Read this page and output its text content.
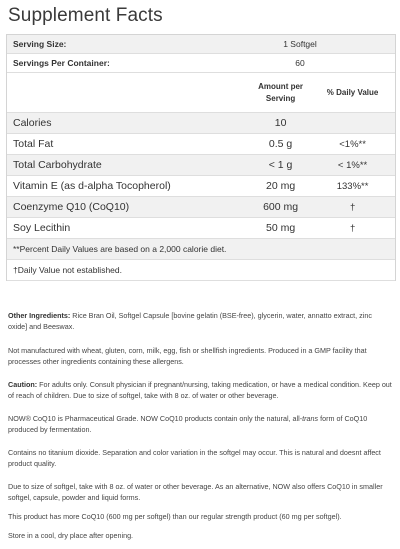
Supplement Facts
Serving Size:	1 Softgel
Servings Per Container:	60
Amount per
Serving
% Daily Value
Calories	10
Total Fat	0.5 g	<1%**
Total Carbohydrate	< 1 g	< 1%**
Vitamin E (as d-alpha Tocopherol)	20 mg	133%**
Coenzyme Q10 (CoQ10)	600 mg	†
Soy Lecithin	50 mg	†
**Percent Daily Values are based on a 2,000 calorie diet.
†Daily Value not established.
Other Ingredients: Rice Bran Oil, Softgel Capsule [bovine gelatin (BSE-free), glycerin, water, annatto extract, zinc oxide] and Beeswax.
Not manufactured with wheat, gluten, corn, milk, egg, fish or shellfish ingredients. Produced in a GMP facility that processes other ingredients containing these allergens.
Caution: For adults only. Consult physician if pregnant/nursing, taking medication, or have a medical condition. Keep out of reach of children. Due to size of softgel, take with 8 oz. of water or other beverage.
NOW® CoQ10 is Pharmaceutical Grade. NOW CoQ10 products contain only the natural, all-trans form of CoQ10 produced by fermentation.
Contains no titanium dioxide. Separation and color variation in the softgel may occur. This is natural and doesnt affect product quality.
Due to size of softgel, take with 8 oz. of water or other beverage. As an alternative, NOW also offers CoQ10 in smaller softgel, capsule, powder and liquid forms.
This product has more CoQ10 (600 mg per softgel) than our regular strength product (60 mg per softgel).
Store in a cool, dry place after opening.
